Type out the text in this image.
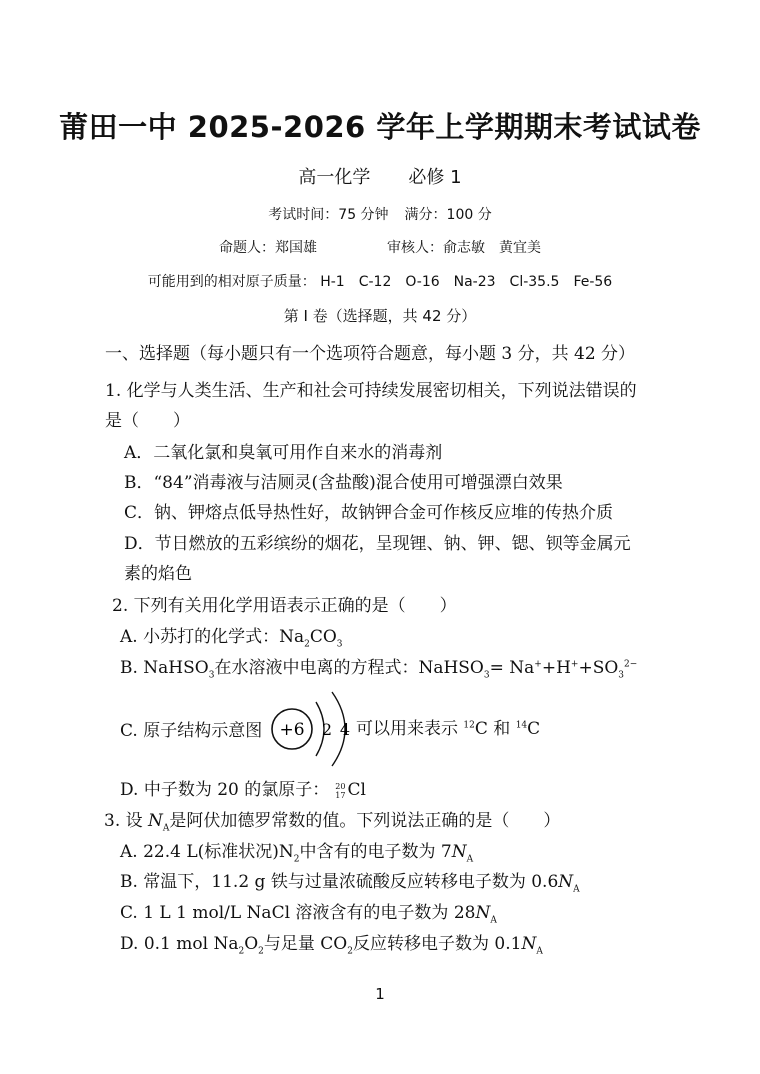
莆田一中 2025-2026 学年上学期期末考试试卷
高一化学 必修 1
考试时间：75 分钟 满分：100 分
命题人：郑国雄	审核人：俞志敏　黄宜美
可能用到的相对原子质量： H-1　C-12　O-16　Na-23　Cl-35.5　Fe-56
第 I 卷（选择题，共 42 分）
一、选择题（每小题只有一个选项符合题意，每小题 3 分，共 42 分）
1. 化学与人类生活、生产和社会可持续发展密切相关，下列说法错误的
是（　　）
A．二氧化氯和臭氧可用作自来水的消毒剂
B．“84”消毒液与洁厕灵(含盐酸)混合使用可增强漂白效果
C．钠、钾熔点低导热性好，故钠钾合金可作核反应堆的传热介质
D．节日燃放的五彩缤纷的烟花，呈现锂、钠、钾、锶、钡等金属元
素的焰色
2. 下列有关用化学用语表示正确的是（　　）
A. 小苏打的化学式：$Na_2CO_3$
B. NaHSO$_3$在水溶液中电离的方程式：NaHSO$_3$= $Na^++H^++SO_3^{2-}$
C. 原子结构示意图 +6 2 4 可以用来表示 $^{12}$C 和 $^{14}$C
D. 中子数为 20 的氯原子： 20
17 Cl
3. 设 $N_A$是阿伏加德罗常数的值。下列说法正确的是（　　）
A. 22.4 L(标准状况)$N_2$中含有的电子数为 $7N_A$
B. 常温下，11.2 g 铁与过量浓硫酸反应转移电子数为 $0.6N_A$
C. 1 L 1 mol/L NaCl 溶液含有的电子数为 $28N_A$
D. 0.1 mol $Na_2O_2$与足量 $CO_2$反应转移电子数为 $0.1N_A$
1
